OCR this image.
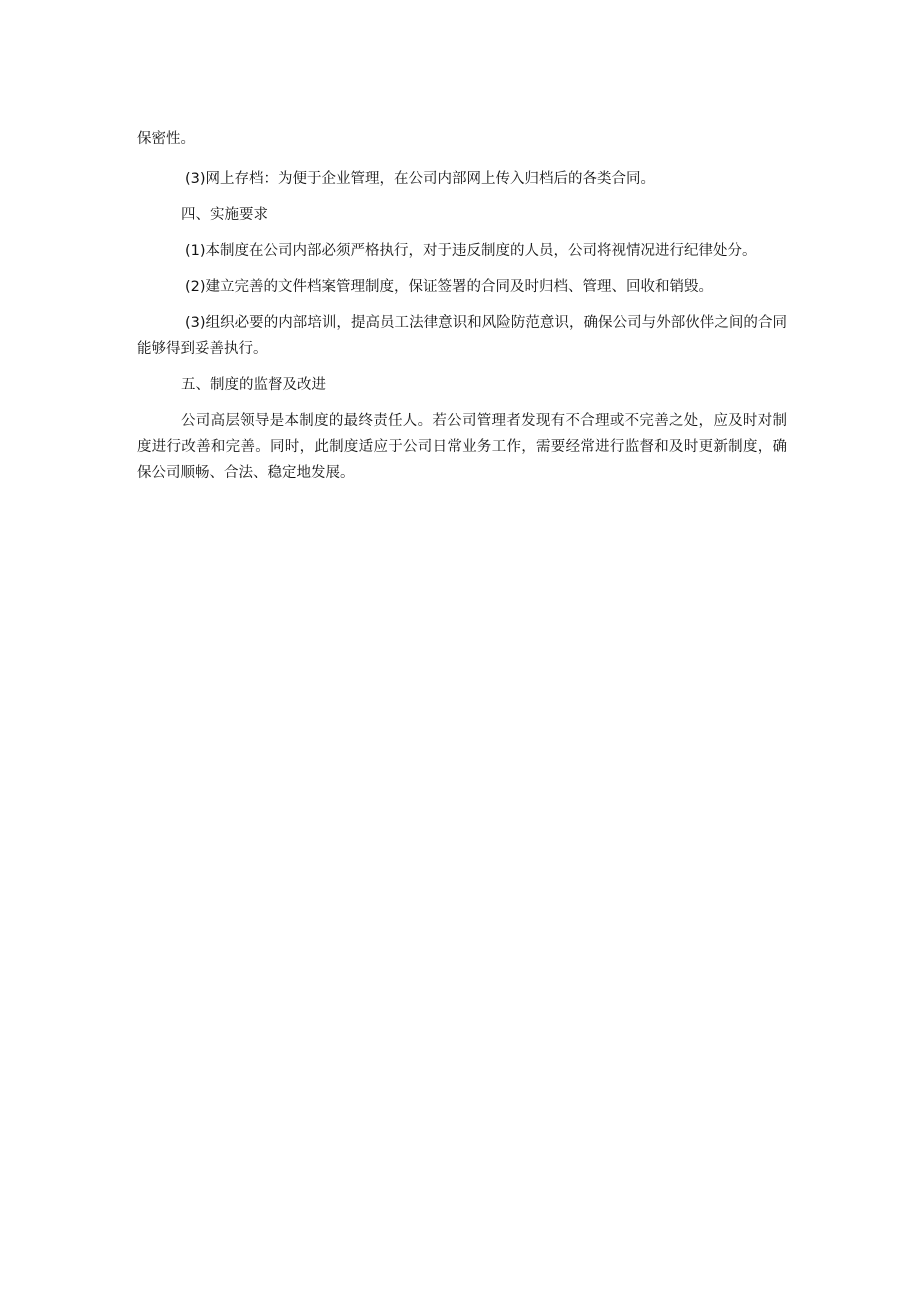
保密性。

(3)网上存档：为便于企业管理，在公司内部网上传入归档后的各类合同。

四、实施要求

(1)本制度在公司内部必须严格执行，对于违反制度的人员，公司将视情况进行纪律处分。

(2)建立完善的文件档案管理制度，保证签署的合同及时归档、管理、回收和销毁。

(3)组织必要的内部培训，提高员工法律意识和风险防范意识，确保公司与外部伙伴之间的合同能够得到妥善执行。

五、制度的监督及改进

公司高层领导是本制度的最终责任人。若公司管理者发现有不合理或不完善之处，应及时对制度进行改善和完善。同时，此制度适应于公司日常业务工作，需要经常进行监督和及时更新制度，确保公司顺畅、合法、稳定地发展。
